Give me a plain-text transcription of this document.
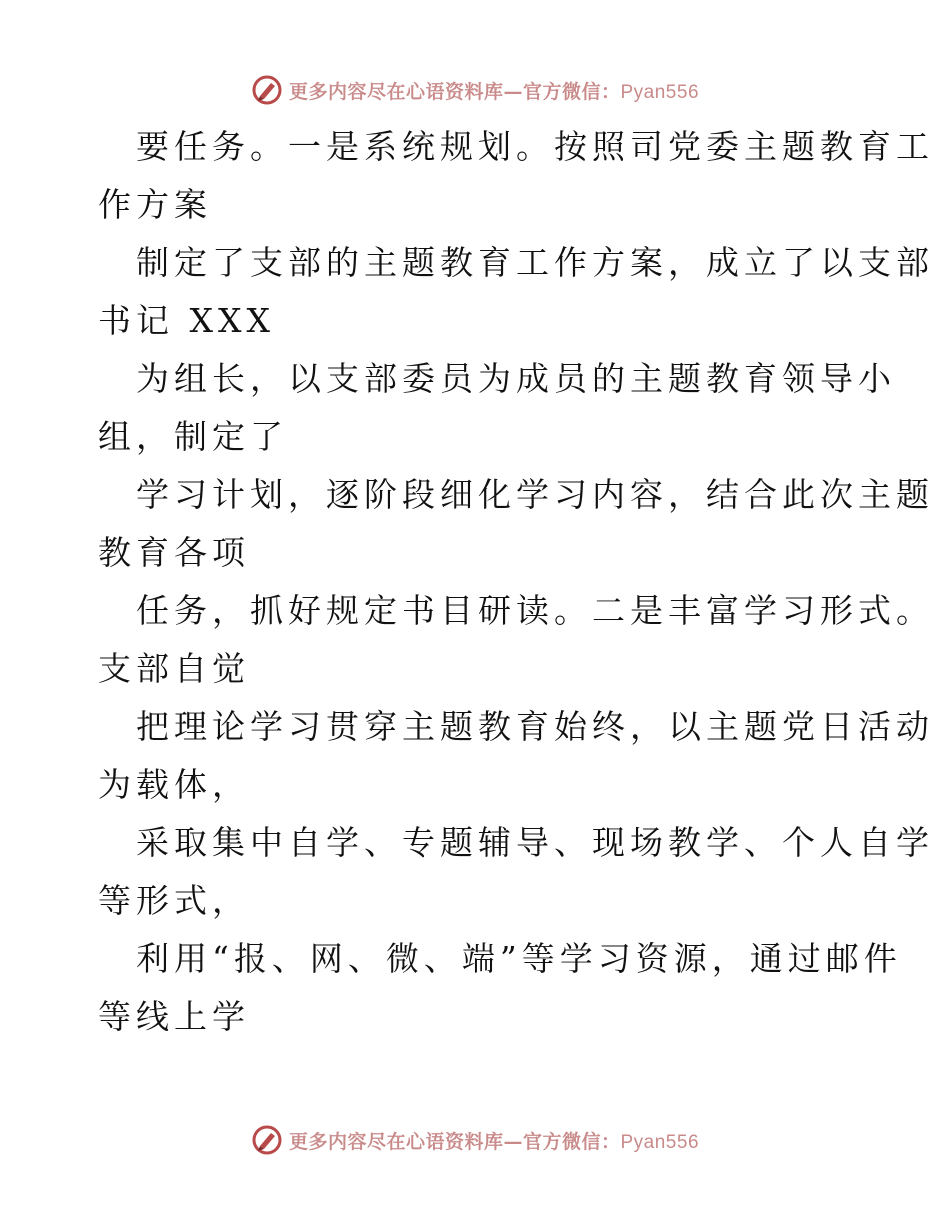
更多内容尽在心语资料库—官方微信：Pyan556

要任务。一是系统规划。按照司党委主题教育工
作方案

制定了支部的主题教育工作方案，成立了以支部
书记 XXX

为组长，以支部委员为成员的主题教育领导小
组，制定了

学习计划，逐阶段细化学习内容，结合此次主题
教育各项

任务，抓好规定书目研读。二是丰富学习形式。
支部自觉

把理论学习贯穿主题教育始终，以主题党日活动
为载体，

采取集中自学、专题辅导、现场教学、个人自学
等形式，

利用“报、网、微、端”等学习资源，通过邮件
等线上学

更多内容尽在心语资料库—官方微信：Pyan556
